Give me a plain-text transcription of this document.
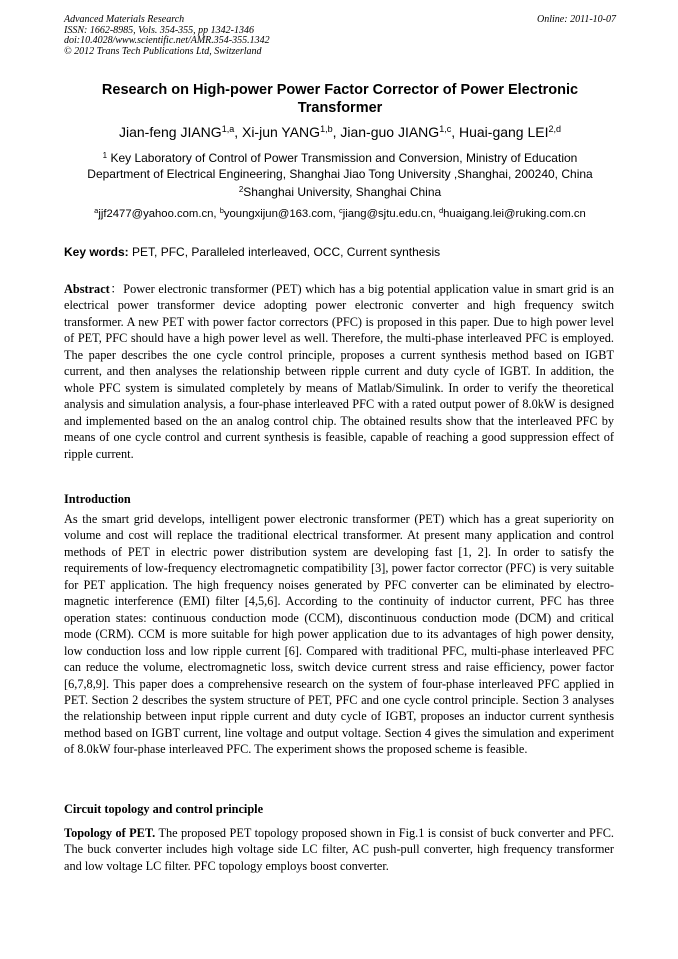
Advanced Materials Research
ISSN: 1662-8985, Vols. 354-355, pp 1342-1346
doi:10.4028/www.scientific.net/AMR.354-355.1342
© 2012 Trans Tech Publications Ltd, Switzerland
Online: 2011-10-07
Research on High-power Power Factor Corrector of Power Electronic
Transformer
Jian-feng JIANG$^{1,a}$, Xi-jun YANG$^{1,b}$, Jian-guo JIANG$^{1,c}$, Huai-gang LEI$^{2,d}$
$^1$ Key Laboratory of Control of Power Transmission and Conversion, Ministry of Education
Department of Electrical Engineering, Shanghai Jiao Tong University ,Shanghai, 200240, China
$^2$Shanghai University, Shanghai China
$^a$jjf2477@yahoo.com.cn, $^b$youngxijun@163.com, $^c$jiang@sjtu.edu.cn, $^d$huaigang.lei@ruking.com.cn
Key words: PET, PFC, Paralleled interleaved, OCC, Current synthesis
Abstract：Power electronic transformer (PET) which has a big potential application value in smart grid is an electrical power transformer device adopting power electronic converter and high frequency switch transformer. A new PET with power factor correctors (PFC) is proposed in this paper. Due to high power level of PET, PFC should have a high power level as well. Therefore, the multi-phase interleaved PFC is employed. The paper describes the one cycle control principle, proposes a current synthesis method based on IGBT current, and then analyses the relationship between ripple current and duty cycle of IGBT. In addition, the whole PFC system is simulated completely by means of Matlab/Simulink. In order to verify the theoretical analysis and simulation analysis, a four-phase interleaved PFC with a rated output power of 8.0kW is designed and implemented based on the an analog control chip. The obtained results show that the interleaved PFC by means of one cycle control and current synthesis is feasible, capable of reaching a good suppression effect of ripple current.
Introduction
As the smart grid develops, intelligent power electronic transformer (PET) which has a great superiority on volume and cost will replace the traditional electrical transformer. At present many application and control methods of PET in electric power distribution system are developing fast [1, 2]. In order to satisfy the requirements of low-frequency electromagnetic compatibility [3], power factor corrector (PFC) is very suitable for PET application. The high frequency noises generated by PFC converter can be eliminated by electro-magnetic interference (EMI) filter [4,5,6]. According to the continuity of inductor current, PFC has three operation states: continuous conduction mode (CCM), discontinuous conduction mode (DCM) and critical mode (CRM). CCM is more suitable for high power application due to its advantages of high power density, low conduction loss and low ripple current [6]. Compared with traditional PFC, multi-phase interleaved PFC can reduce the volume, electromagnetic loss, switch device current stress and raise efficiency, power factor [6,7,8,9]. This paper does a comprehensive research on the system of four-phase interleaved PFC applied in PET. Section 2 describes the system structure of PET, PFC and one cycle control principle. Section 3 analyses the relationship between input ripple current and duty cycle of IGBT, proposes an inductor current synthesis method based on IGBT current, line voltage and output voltage. Section 4 gives the simulation and experiment of 8.0kW four-phase interleaved PFC. The experiment shows the proposed scheme is feasible.
Circuit topology and control principle
Topology of PET. The proposed PET topology proposed shown in Fig.1 is consist of buck converter and PFC. The buck converter includes high voltage side LC filter, AC push-pull converter, high frequency transformer and low voltage LC filter. PFC topology employs boost converter.
